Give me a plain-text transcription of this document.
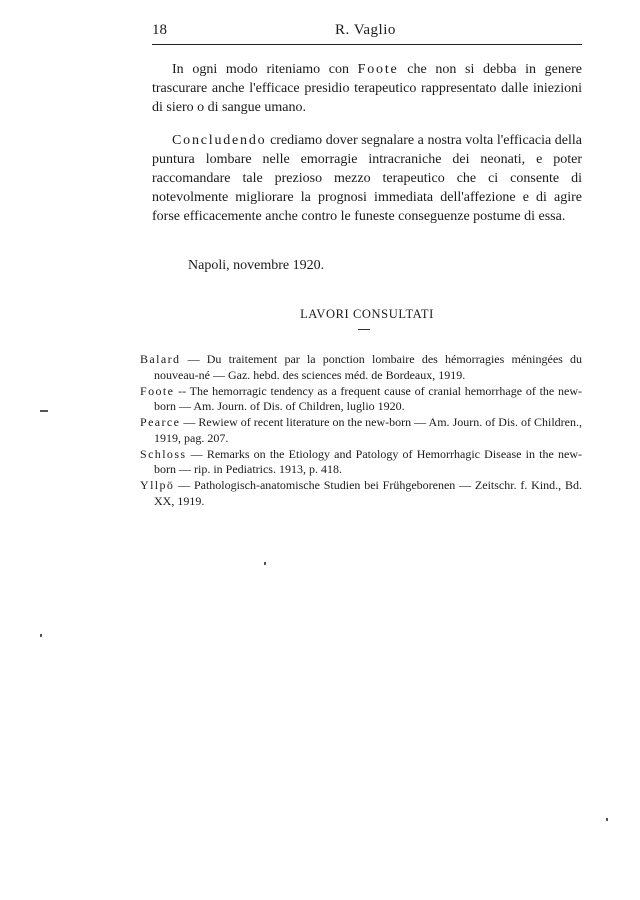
18	R. Vaglio

In ogni modo riteniamo con Foote che non si debba in genere trascurare anche l'efficace presidio terapeutico rappresentato dalle iniezioni di siero o di sangue umano.

Concludendo crediamo dover segnalare a nostra volta l'efficacia della puntura lombare nelle emorragie intracraniche dei neonati, e poter raccomandare tale prezioso mezzo terapeutico che ci consente di notevolmente migliorare la prognosi immediata dell'affezione e di agire forse efficacemente anche contro le funeste conseguenze postume di essa.

Napoli, novembre 1920.
LAVORI CONSULTATI

Balard — Du traitement par la ponction lombaire des hémorragies méningées du nouveau-né — Gaz. hebd. des sciences méd. de Bordeaux, 1919.

Foote -- The hemorragic tendency as a frequent cause of cranial hemorrhage of the new-born — Am. Journ. of Dis. of Children, luglio 1920.

Pearce — Rewiew of recent literature on the new-born — Am. Journ. of Dis. of Children., 1919, pag. 207.

Schloss — Remarks on the Etiology and Patology of Hemorrhagic Disease in the new-born — rip. in Pediatrics. 1913, p. 418.

Yllpö — Pathologisch-anatomische Studien bei Frühgeborenen — Zeitschr. f. Kind., Bd. XX, 1919.
